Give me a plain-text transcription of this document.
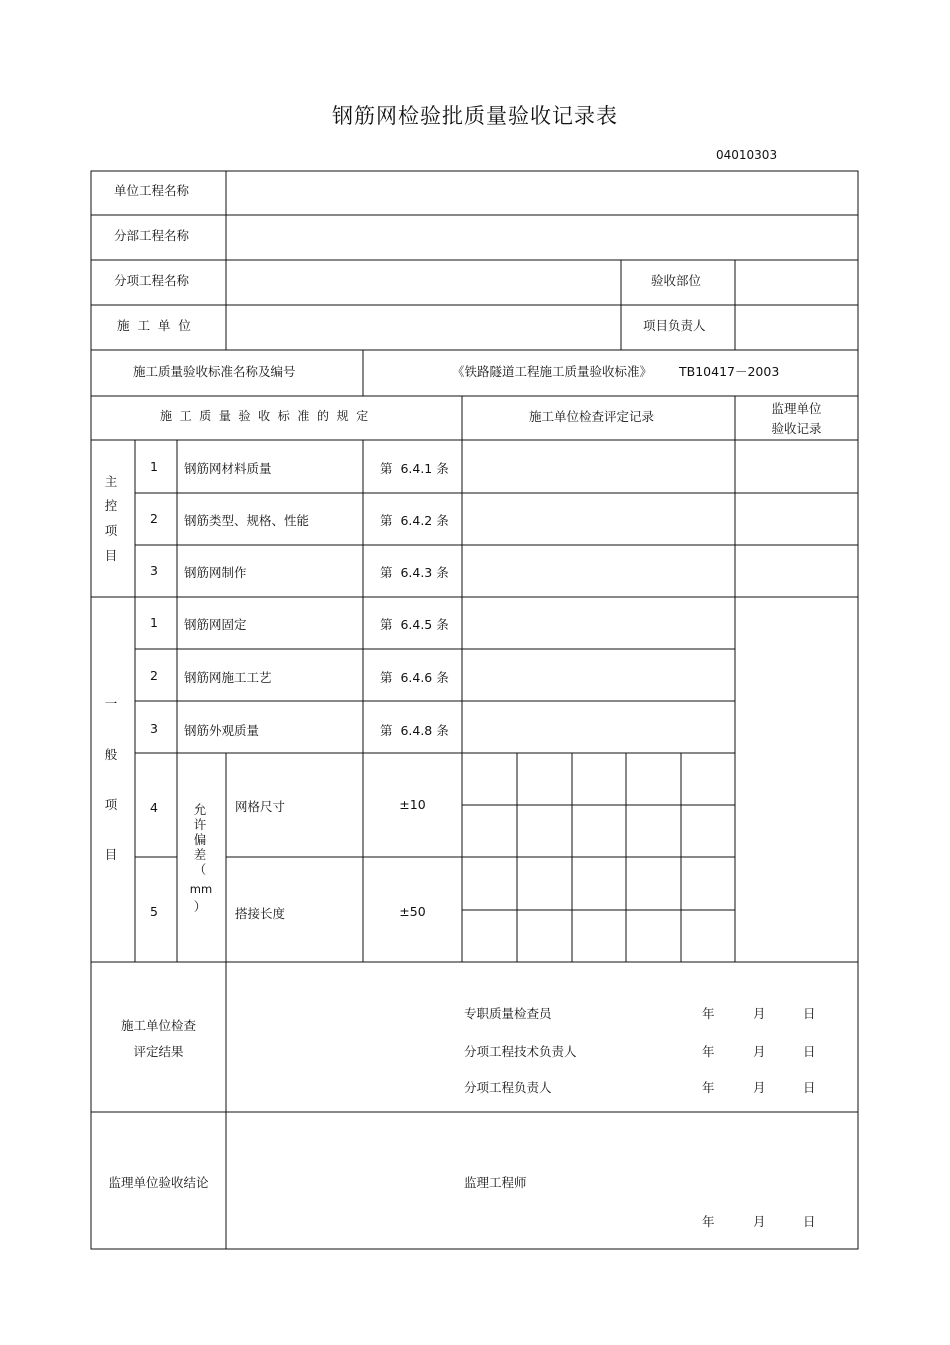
钢筋网检验批质量验收记录表
04010303
单位工程名称
分部工程名称
分项工程名称	验收部位
施  工  单  位	项目负责人
施工质量验收标准名称及编号	《铁路隧道工程施工质量验收标准》 TB10417－2003
施  工  质  量  验  收  标  准  的  规  定	施工单位检查评定记录
监理单位
验收记录
主
控
项
目
1 钢筋网材料质量	第  6.4.1 条
2 钢筋类型、规格、性能	第  6.4.2 条
3 钢筋网制作	第  6.4.3 条
一
般
项
目
1 钢筋网固定	第  6.4.5 条
2 钢筋网施工工艺	第  6.4.6 条
3 钢筋外观质量	第  6.4.8 条
允
许
偏
差
（
mm
）
4	网格尺寸	±10
5	搭接长度	±50
施工单位检查
评定结果
专职质量检查员	年	月	日
分项工程技术负责人	年	月	日
分项工程负责人	年	月	日
监理单位验收结论	监理工程师
年	月	日
